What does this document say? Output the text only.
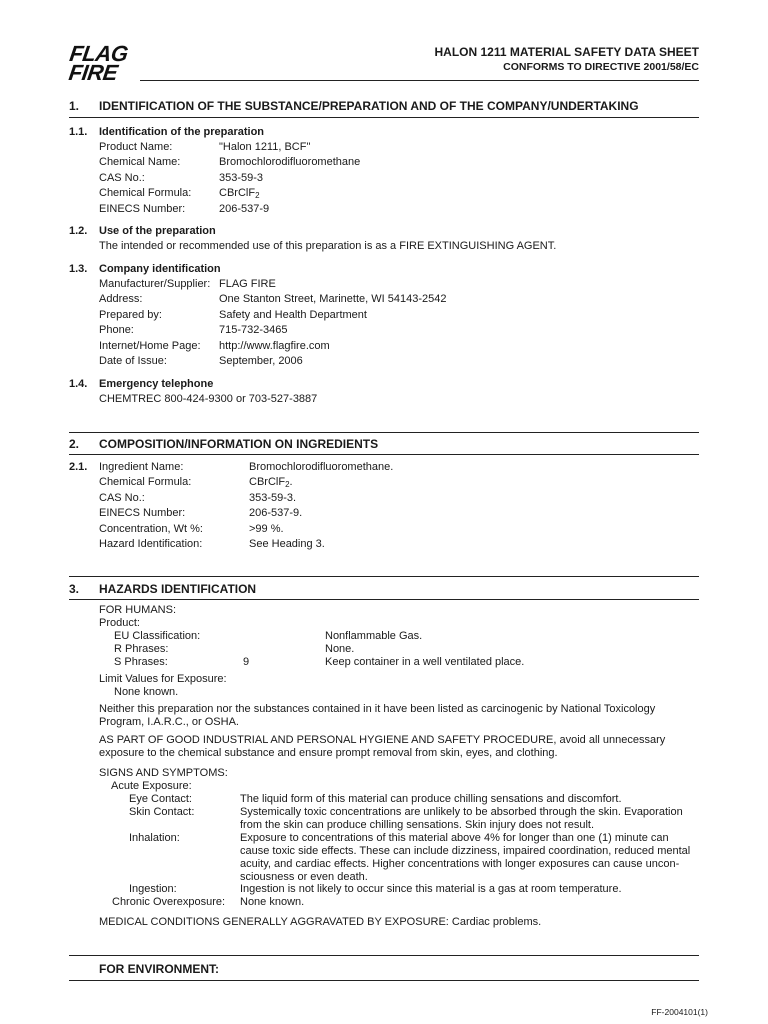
FLAG
FIRE
HALON 1211 MATERIAL SAFETY DATA SHEET
CONFORMS TO DIRECTIVE 2001/58/EC
1. IDENTIFICATION OF THE SUBSTANCE/PREPARATION AND OF THE COMPANY/UNDERTAKING
1.1. Identification of the preparation
Product Name:	"Halon 1211, BCF"
Chemical Name:	Bromochlorodifluoromethane
CAS No.:	353-59-3
Chemical Formula:	CBrClF$_2$
EINECS Number:	206-537-9
1.2. Use of the preparation
The intended or recommended use of this preparation is as a FIRE EXTINGUISHING AGENT.
1.3. Company identification
Manufacturer/Supplier: FLAG FIRE
Address:	One Stanton Street, Marinette, WI 54143-2542
Prepared by:	Safety and Health Department
Phone:	715-732-3465
Internet/Home Page: http://www.flagfire.com
Date of Issue:	September, 2006
1.4. Emergency telephone
CHEMTREC 800-424-9300 or 703-527-3887
2. COMPOSITION/INFORMATION ON INGREDIENTS
2.1. Ingredient Name:	Bromochlorodifluoromethane.
Chemical Formula:	CBrClF$_2$.
CAS No.:	353-59-3.
EINECS Number:	206-537-9.
Concentration, Wt %:	>99 %.
Hazard Identification:	See Heading 3.
3. HAZARDS IDENTIFICATION
FOR HUMANS:
Product:
EU Classification:	Nonflammable Gas.
R Phrases:	None.
S Phrases:	9	Keep container in a well ventilated place.
Limit Values for Exposure:
None known.
Neither this preparation nor the substances contained in it have been listed as carcinogenic by National Toxicology Program, I.A.R.C., or OSHA.
AS PART OF GOOD INDUSTRIAL AND PERSONAL HYGIENE AND SAFETY PROCEDURE, avoid all unnecessary exposure to the chemical substance and ensure prompt removal from skin, eyes, and clothing.
SIGNS AND SYMPTOMS:
Acute Exposure:
Eye Contact:	The liquid form of this material can produce chilling sensations and discomfort.
Skin Contact:	Systemically toxic concentrations are unlikely to be absorbed through the skin. Evaporation from the skin can produce chilling sensations. Skin injury does not result.
Inhalation:	Exposure to concentrations of this material above 4% for longer than one (1) minute can cause toxic side effects. These can include dizziness, impaired coordination, reduced mental acuity, and cardiac effects. Higher concentrations with longer exposures can cause uncon-sciousness or even death.
Ingestion:	Ingestion is not likely to occur since this material is a gas at room temperature.
Chronic Overexposure: None known.
MEDICAL CONDITIONS GENERALLY AGGRAVATED BY EXPOSURE: Cardiac problems.
FOR ENVIRONMENT:
FF-2004101(1)
